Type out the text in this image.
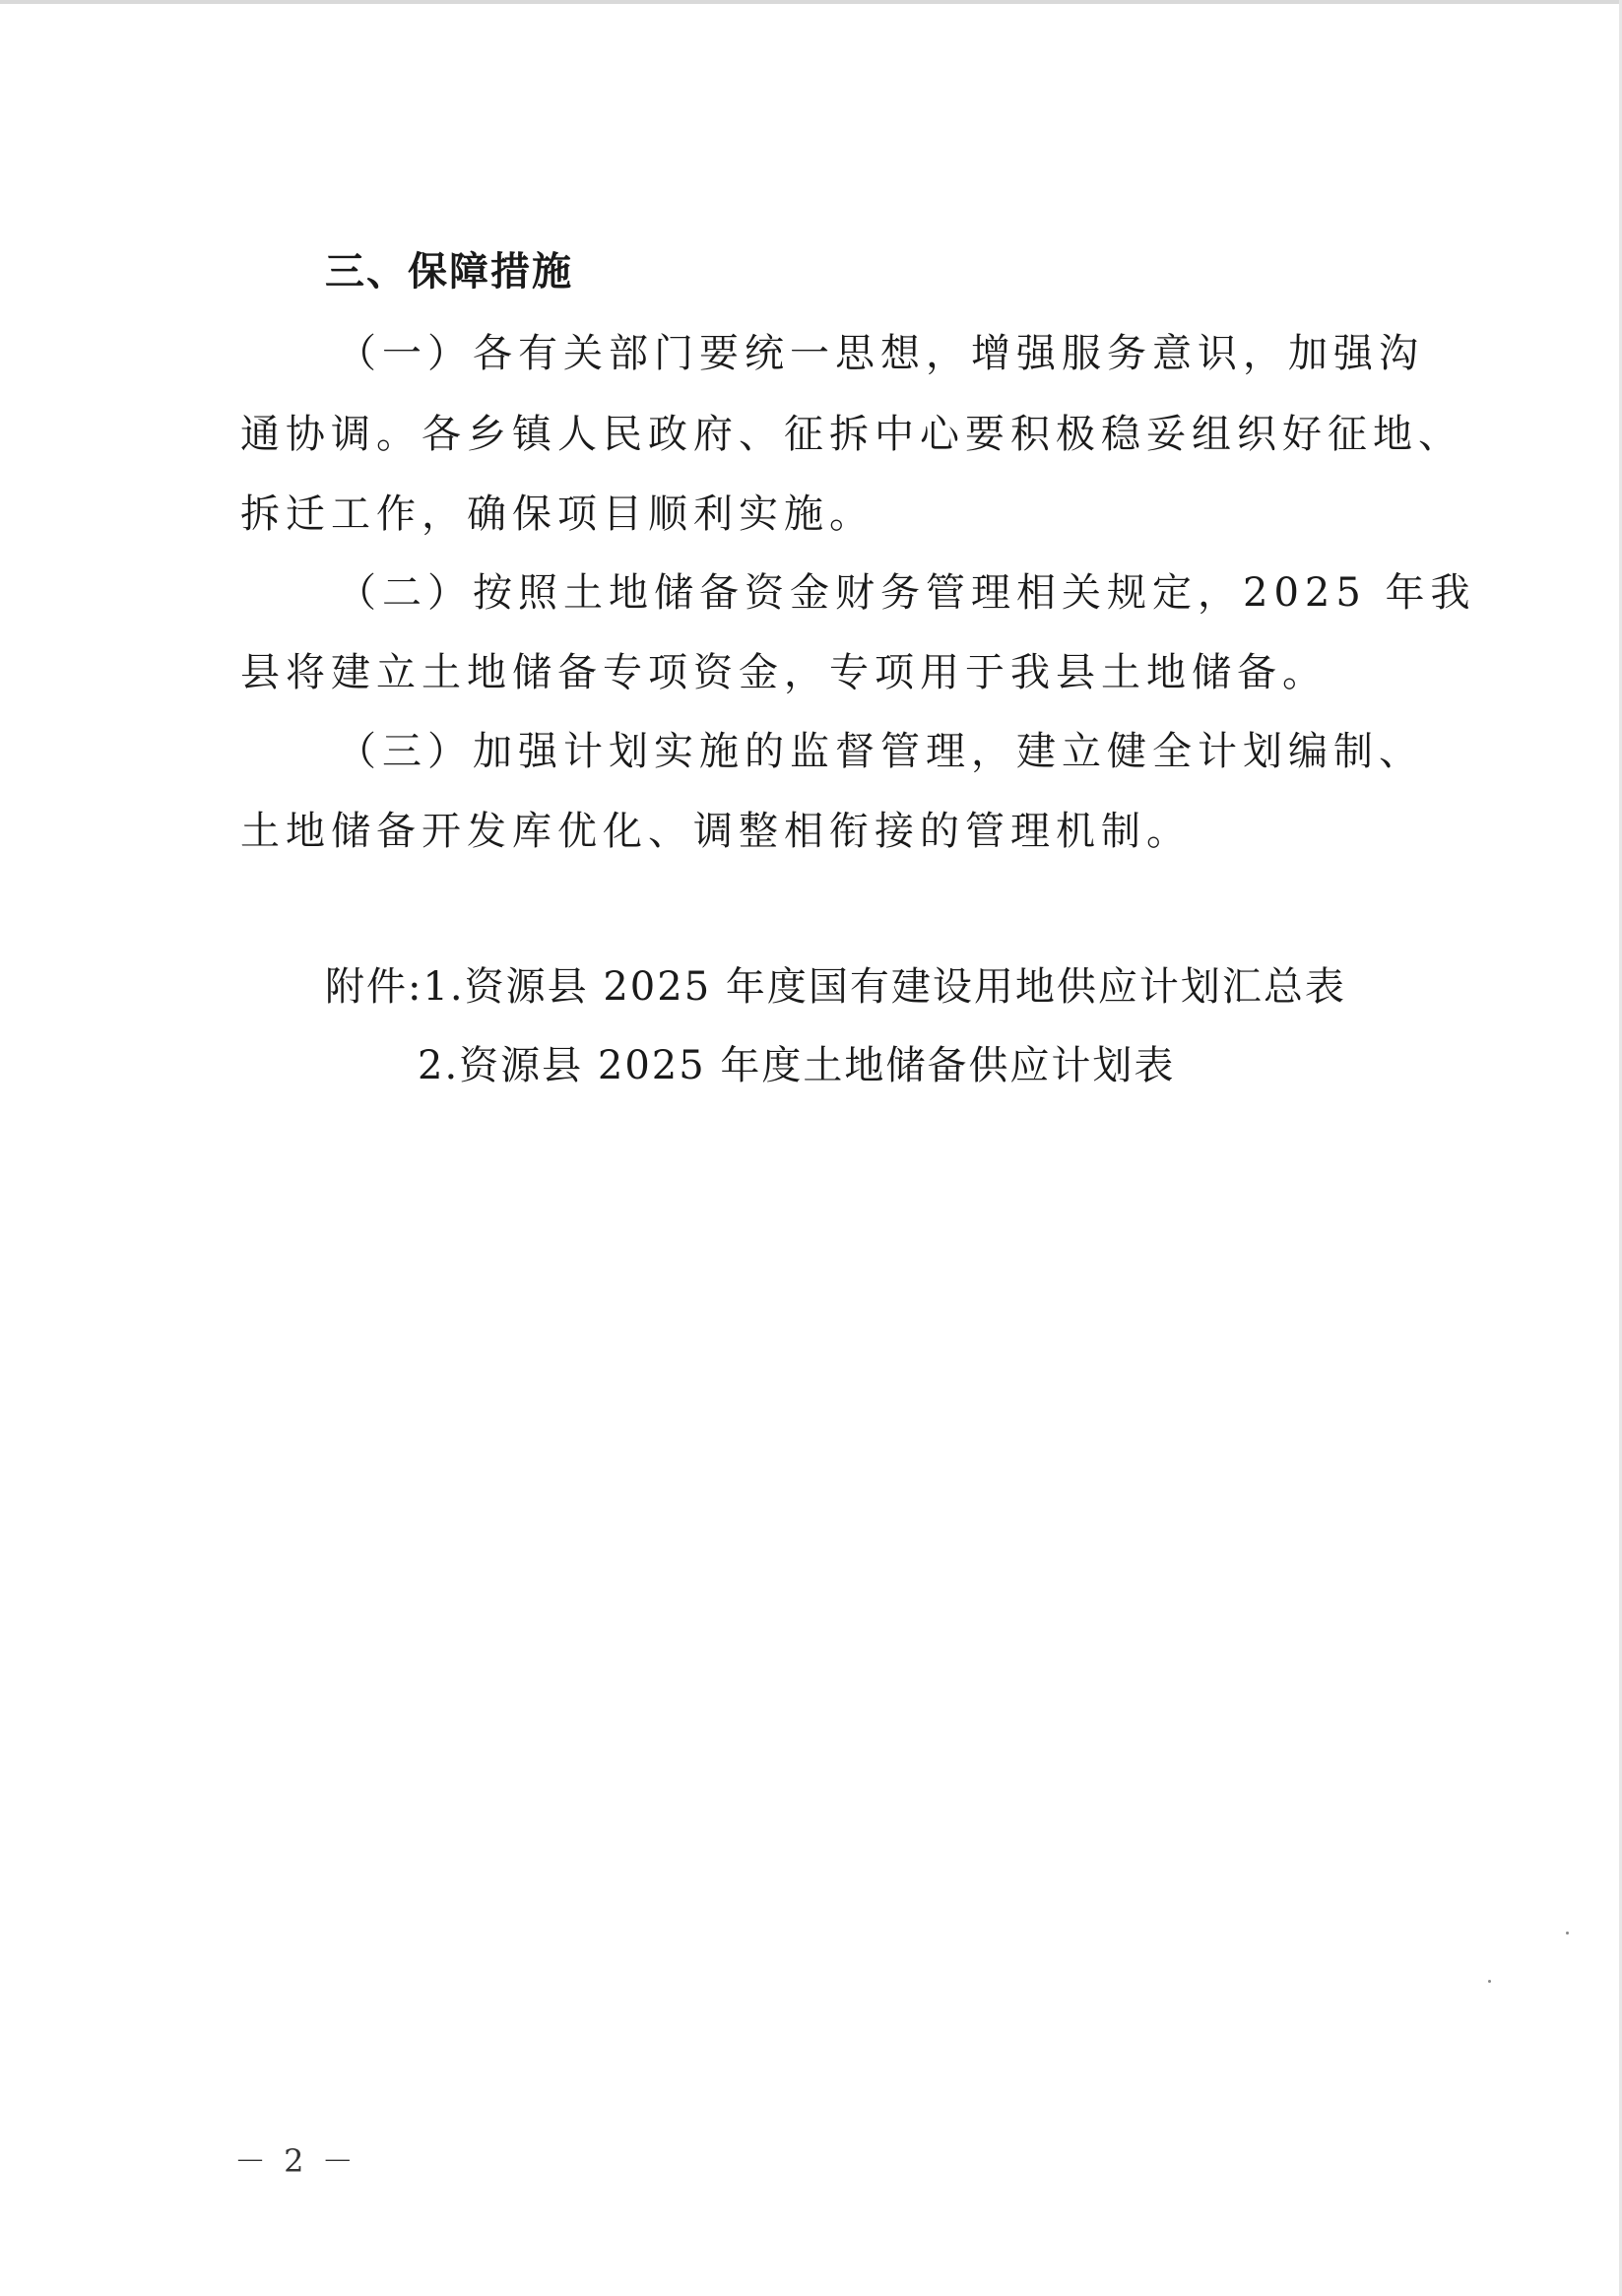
三、保障措施

（一）各有关部门要统一思想，增强服务意识，加强沟

通协调。各乡镇人民政府、征拆中心要积极稳妥组织好征地、

拆迁工作，确保项目顺利实施。

（二）按照土地储备资金财务管理相关规定，2025 年我

县将建立土地储备专项资金，专项用于我县土地储备。

（三）加强计划实施的监督管理，建立健全计划编制、

土地储备开发库优化、调整相衔接的管理机制。

附件:1.资源县 2025 年度国有建设用地供应计划汇总表

2.资源县 2025 年度土地储备供应计划表

－ 2 －
